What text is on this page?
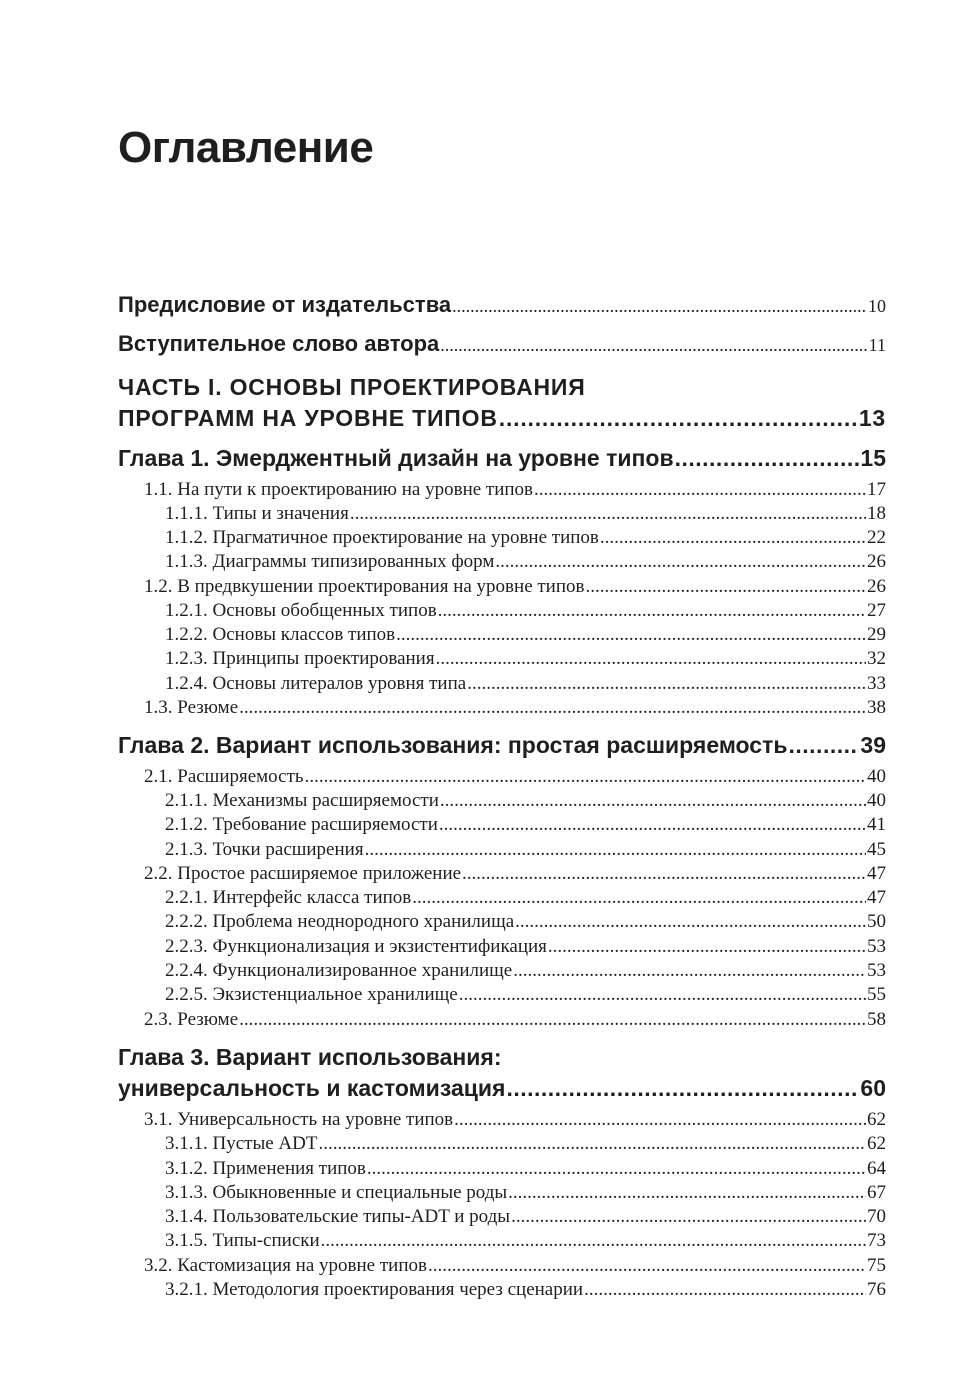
Оглавление
Предисловие от издательства .....	10
Вступительное слово автора .....	11
ЧАСТЬ I. ОСНОВЫ ПРОЕКТИРОВАНИЯ
ПРОГРАММ НА УРОВНЕ ТИПОВ .....	13
Глава 1. Эмерджентный дизайн на уровне типов .....	15
1.1. На пути к проектированию на уровне типов .....	17
1.1.1. Типы и значения .....	18
1.1.2. Прагматичное проектирование на уровне типов .....	22
1.1.3. Диаграммы типизированных форм .....	26
1.2. В предвкушении проектирования на уровне типов .....	26
1.2.1. Основы обобщенных типов .....	27
1.2.2. Основы классов типов .....	29
1.2.3. Принципы проектирования .....	32
1.2.4. Основы литералов уровня типа .....	33
1.3. Резюме .....	38
Глава 2. Вариант использования: простая расширяемость .....	39
2.1. Расширяемость .....	40
2.1.1. Механизмы расширяемости .....	40
2.1.2. Требование расширяемости .....	41
2.1.3. Точки расширения .....	45
2.2. Простое расширяемое приложение .....	47
2.2.1. Интерфейс класса типов .....	47
2.2.2. Проблема неоднородного хранилища .....	50
2.2.3. Функционализация и экзистентификация .....	53
2.2.4. Функционализированное хранилище .....	53
2.2.5. Экзистенциальное хранилище .....	55
2.3. Резюме .....	58
Глава 3. Вариант использования:
универсальность и кастомизация .....	60
3.1. Универсальность на уровне типов .....	62
3.1.1. Пустые ADT .....	62
3.1.2. Применения типов .....	64
3.1.3. Обыкновенные и специальные роды .....	67
3.1.4. Пользовательские типы-ADT и роды .....	70
3.1.5. Типы-списки .....	73
3.2. Кастомизация на уровне типов .....	75
3.2.1. Методология проектирования через сценарии .....	76
